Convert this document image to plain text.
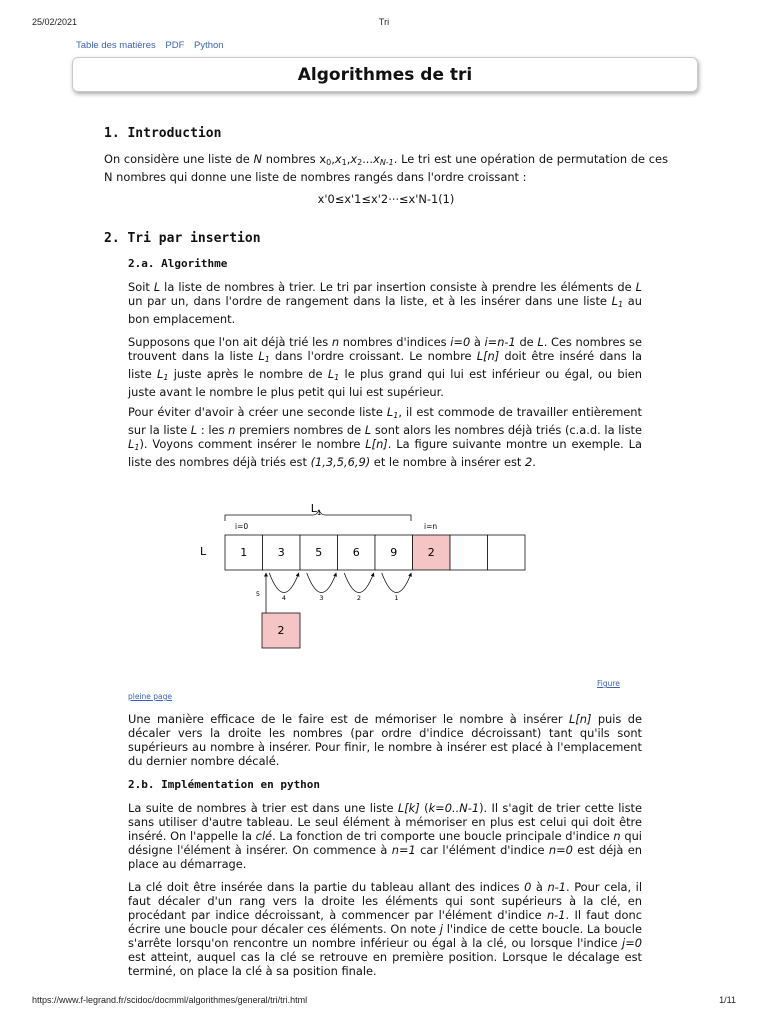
25/02/2021	Tri
Table des matières PDF Python
Algorithmes de tri
1. Introduction
On considère une liste de N nombres $x_0,x_1,x_2...x_{N-1}$. Le tri est une opération de permutation de ces N nombres qui donne une liste de nombres rangés dans l'ordre croissant :
x'0≤x'1≤x'2⋅⋅⋅≤x'N-1(1)
2. Tri par insertion
2.a. Algorithme
Soit L la liste de nombres à trier. Le tri par insertion consiste à prendre les éléments de L un par un, dans l'ordre de rangement dans la liste, et à les insérer dans une liste $L_1$ au bon emplacement.
Supposons que l'on ait déjà trié les n nombres d'indices i=0 à i=n-1 de L. Ces nombres se trouvent dans la liste $L_1$ dans l'ordre croissant. Le nombre L[n] doit être inséré dans la liste $L_1$ juste après le nombre de $L_1$ le plus grand qui lui est inférieur ou égal, ou bien juste avant le nombre le plus petit qui lui est supérieur.
Pour éviter d'avoir à créer une seconde liste $L_1$, il est commode de travailler entièrement sur la liste L : les n premiers nombres de L sont alors les nombres déjà triés (c.a.d. la liste $L_1$). Voyons comment insérer le nombre L[n]. La figure suivante montre un exemple. La liste des nombres déjà triés est (1,3,5,6,9) et le nombre à insérer est 2.
$L_1$
i=0	i=n
L	1	3	5	6	9	2
5	4	3	2	1
2
Figure
pleine page
Une manière efficace de le faire est de mémoriser le nombre à insérer L[n] puis de décaler vers la droite les nombres (par ordre d'indice décroissant) tant qu'ils sont supérieurs au nombre à insérer. Pour finir, le nombre à insérer est placé à l'emplacement du dernier nombre décalé.
2.b. Implémentation en python
La suite de nombres à trier est dans une liste L[k] (k=0..N-1). Il s'agit de trier cette liste sans utiliser d'autre tableau. Le seul élément à mémoriser en plus est celui qui doit être inséré. On l'appelle la clé. La fonction de tri comporte une boucle principale d'indice n qui désigne l'élément à insérer. On commence à n=1 car l'élément d'indice n=0 est déjà en place au démarrage.
La clé doit être insérée dans la partie du tableau allant des indices 0 à n-1. Pour cela, il faut décaler d'un rang vers la droite les éléments qui sont supérieurs à la clé, en procédant par indice décroissant, à commencer par l'élément d'indice n-1. Il faut donc écrire une boucle pour décaler ces éléments. On note j l'indice de cette boucle. La boucle s'arrête lorsqu'on rencontre un nombre inférieur ou égal à la clé, ou lorsque l'indice j=0 est atteint, auquel cas la clé se retrouve en première position. Lorsque le décalage est terminé, on place la clé à sa position finale.
https://www.f-legrand.fr/scidoc/docmml/algorithmes/general/tri/tri.html	1/11
